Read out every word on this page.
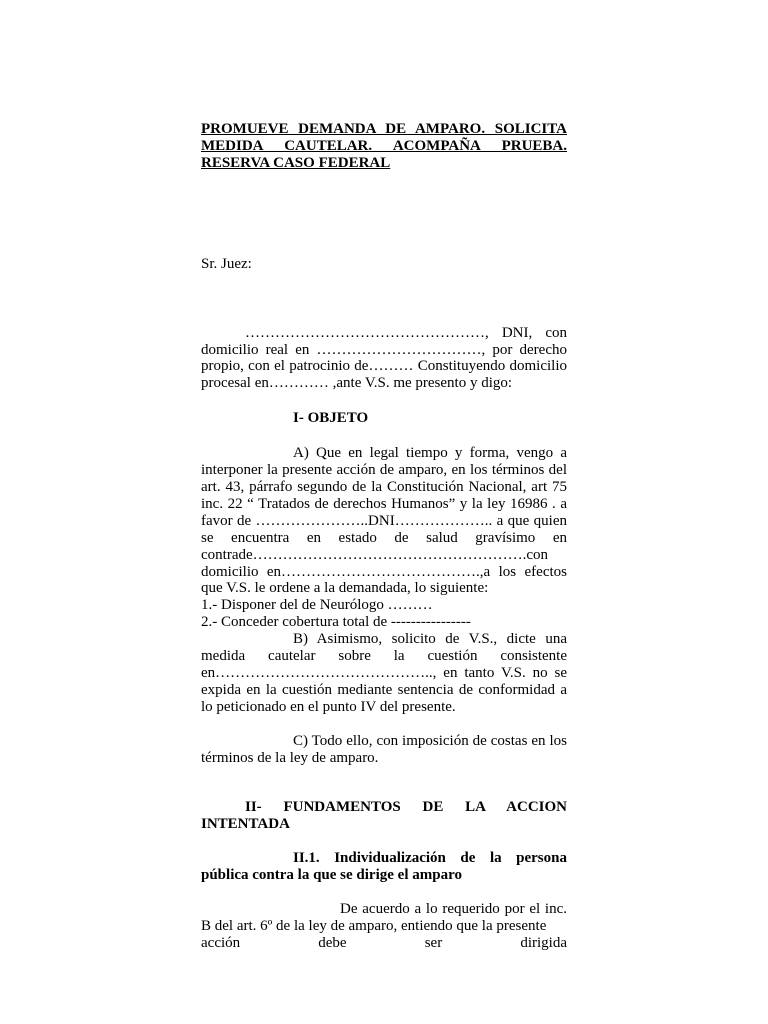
PROMUEVE DEMANDA DE AMPARO. SOLICITA MEDIDA CAUTELAR. ACOMPAÑA PRUEBA. RESERVA CASO FEDERAL

Sr. Juez:

…………………………………………, DNI, con
domicilio real en ……………………………, por derecho propio, con el patrocinio de……… Constituyendo domicilio procesal en………… ,ante V.S. me presento y digo:

I- OBJETO

A) Que en legal tiempo y forma, vengo a interponer la presente acción de amparo, en los términos del art. 43, párrafo segundo de la Constitución Nacional, art 75 inc. 22 “ Tratados de derechos Humanos” y la ley 16986 . a favor de …………………..DNI……………….. a que quien se encuentra en estado de salud gravísimo en contrade……………………………………………….con domicilio en………………………………….,a los efectos que V.S. le ordene a la demandada, lo siguiente:

1.- Disponer del de Neurólogo ………

2.- Conceder cobertura total de ----------------

B) Asimismo, solicito de V.S., dicte una medida cautelar sobre la cuestión consistente en…………………………………….., en tanto V.S. no se expida en la cuestión mediante sentencia de conformidad a lo peticionado en el punto IV del presente.

C) Todo ello, con imposición de costas en los términos de la ley de amparo.

II- FUNDAMENTOS DE LA ACCION INTENTADA

II.1. Individualización de la persona pública contra la que se dirige el amparo

De acuerdo a lo requerido por el inc. B del art. 6º de la ley de amparo, entiendo que la presente

acción debe ser dirigida
